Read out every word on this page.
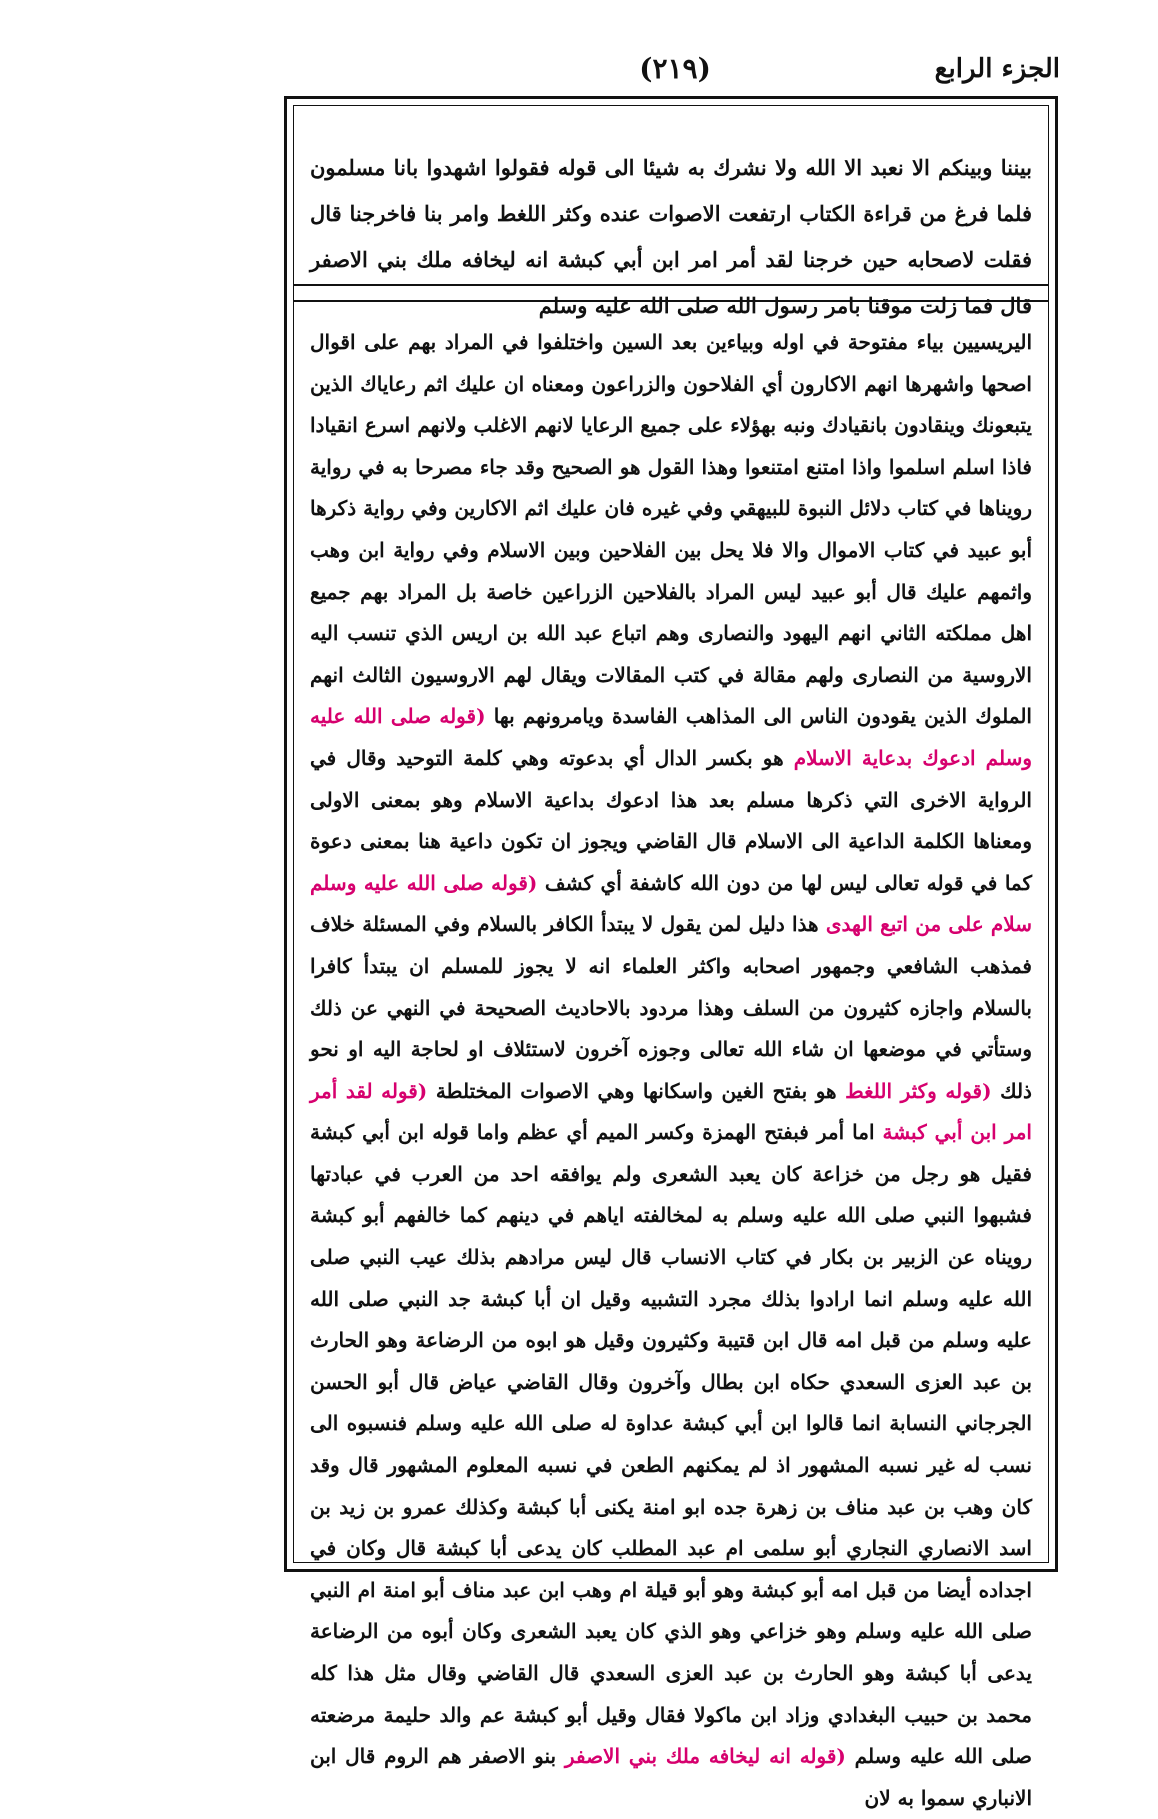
الجزء الرابع
(٢١٩)

بيننا وبينكم الا نعبد الا الله ولا نشرك به شيئا الى قوله فقولوا اشهدوا بانا مسلمون فلما فرغ من قراءة الكتاب ارتفعت الاصوات عنده وكثر اللغط وامر بنا فاخرجنا قال فقلت لاصحابه حين خرجنا لقد أمر امر ابن أبي كبشة انه ليخافه ملك بني الاصفر قال فما زلت موقنا بامر رسول الله صلى الله عليه وسلم

اليريسيين بياء مفتوحة في اوله وبياءين بعد السين واختلفوا في المراد بهم على اقوال اصحها واشهرها انهم الاكارون أي الفلاحون والزراعون ومعناه ان عليك اثم رعاياك الذين يتبعونك وينقادون بانقيادك ونبه بهؤلاء على جميع الرعايا لانهم الاغلب ولانهم اسرع انقيادا فاذا اسلم اسلموا واذا امتنع امتنعوا وهذا القول هو الصحيح وقد جاء مصرحا به في رواية رويناها في كتاب دلائل النبوة للبيهقي وفي غيره فان عليك اثم الاكارين وفي رواية ذكرها أبو عبيد في كتاب الاموال والا فلا يحل بين الفلاحين وبين الاسلام وفي رواية ابن وهب واثمهم عليك قال أبو عبيد ليس المراد بالفلاحين الزراعين خاصة بل المراد بهم جميع اهل مملكته الثاني انهم اليهود والنصارى وهم اتباع عبد الله بن اريس الذي تنسب اليه الاروسية من النصارى ولهم مقالة في كتب المقالات ويقال لهم الاروسيون الثالث انهم الملوك الذين يقودون الناس الى المذاهب الفاسدة ويامرونهم بها (قوله صلى الله عليه وسلم ادعوك بدعاية الاسلام هو بكسر الدال أي بدعوته وهي كلمة التوحيد وقال في الرواية الاخرى التي ذكرها مسلم بعد هذا ادعوك بداعية الاسلام وهو بمعنى الاولى ومعناها الكلمة الداعية الى الاسلام قال القاضي ويجوز ان تكون داعية هنا بمعنى دعوة كما في قوله تعالى ليس لها من دون الله كاشفة أي كشف (قوله صلى الله عليه وسلم سلام على من اتبع الهدى هذا دليل لمن يقول لا يبتدأ الكافر بالسلام وفي المسئلة خلاف فمذهب الشافعي وجمهور اصحابه واكثر العلماء انه لا يجوز للمسلم ان يبتدأ كافرا بالسلام واجازه كثيرون من السلف وهذا مردود بالاحاديث الصحيحة في النهي عن ذلك وستأتي في موضعها ان شاء الله تعالى وجوزه آخرون لاستئلاف او لحاجة اليه او نحو ذلك (قوله وكثر اللغط هو بفتح الغين واسكانها وهي الاصوات المختلطة (قوله لقد أمر امر ابن أبي كبشة اما أمر فبفتح الهمزة وكسر الميم أي عظم واما قوله ابن أبي كبشة فقيل هو رجل من خزاعة كان يعبد الشعرى ولم يوافقه احد من العرب في عبادتها فشبهوا النبي صلى الله عليه وسلم به لمخالفته اياهم في دينهم كما خالفهم أبو كبشة رويناه عن الزبير بن بكار في كتاب الانساب قال ليس مرادهم بذلك عيب النبي صلى الله عليه وسلم انما ارادوا بذلك مجرد التشبيه وقيل ان أبا كبشة جد النبي صلى الله عليه وسلم من قبل امه قال ابن قتيبة وكثيرون وقيل هو ابوه من الرضاعة وهو الحارث بن عبد العزى السعدي حكاه ابن بطال وآخرون وقال القاضي عياض قال أبو الحسن الجرجاني النسابة انما قالوا ابن أبي كبشة عداوة له صلى الله عليه وسلم فنسبوه الى نسب له غير نسبه المشهور اذ لم يمكنهم الطعن في نسبه المعلوم المشهور قال وقد كان وهب بن عبد مناف بن زهرة جده ابو امنة يكنى أبا كبشة وكذلك عمرو بن زيد بن اسد الانصاري النجاري أبو سلمى ام عبد المطلب كان يدعى أبا كبشة قال وكان في اجداده أيضا من قبل امه أبو كبشة وهو أبو قيلة ام وهب ابن عبد مناف أبو امنة ام النبي صلى الله عليه وسلم وهو خزاعي وهو الذي كان يعبد الشعرى وكان أبوه من الرضاعة يدعى أبا كبشة وهو الحارث بن عبد العزى السعدي قال القاضي وقال مثل هذا كله محمد بن حبيب البغدادي وزاد ابن ماكولا فقال وقيل أبو كبشة عم والد حليمة مرضعته صلى الله عليه وسلم (قوله انه ليخافه ملك بني الاصفر بنو الاصفر هم الروم قال ابن الانباري سموا به لان
